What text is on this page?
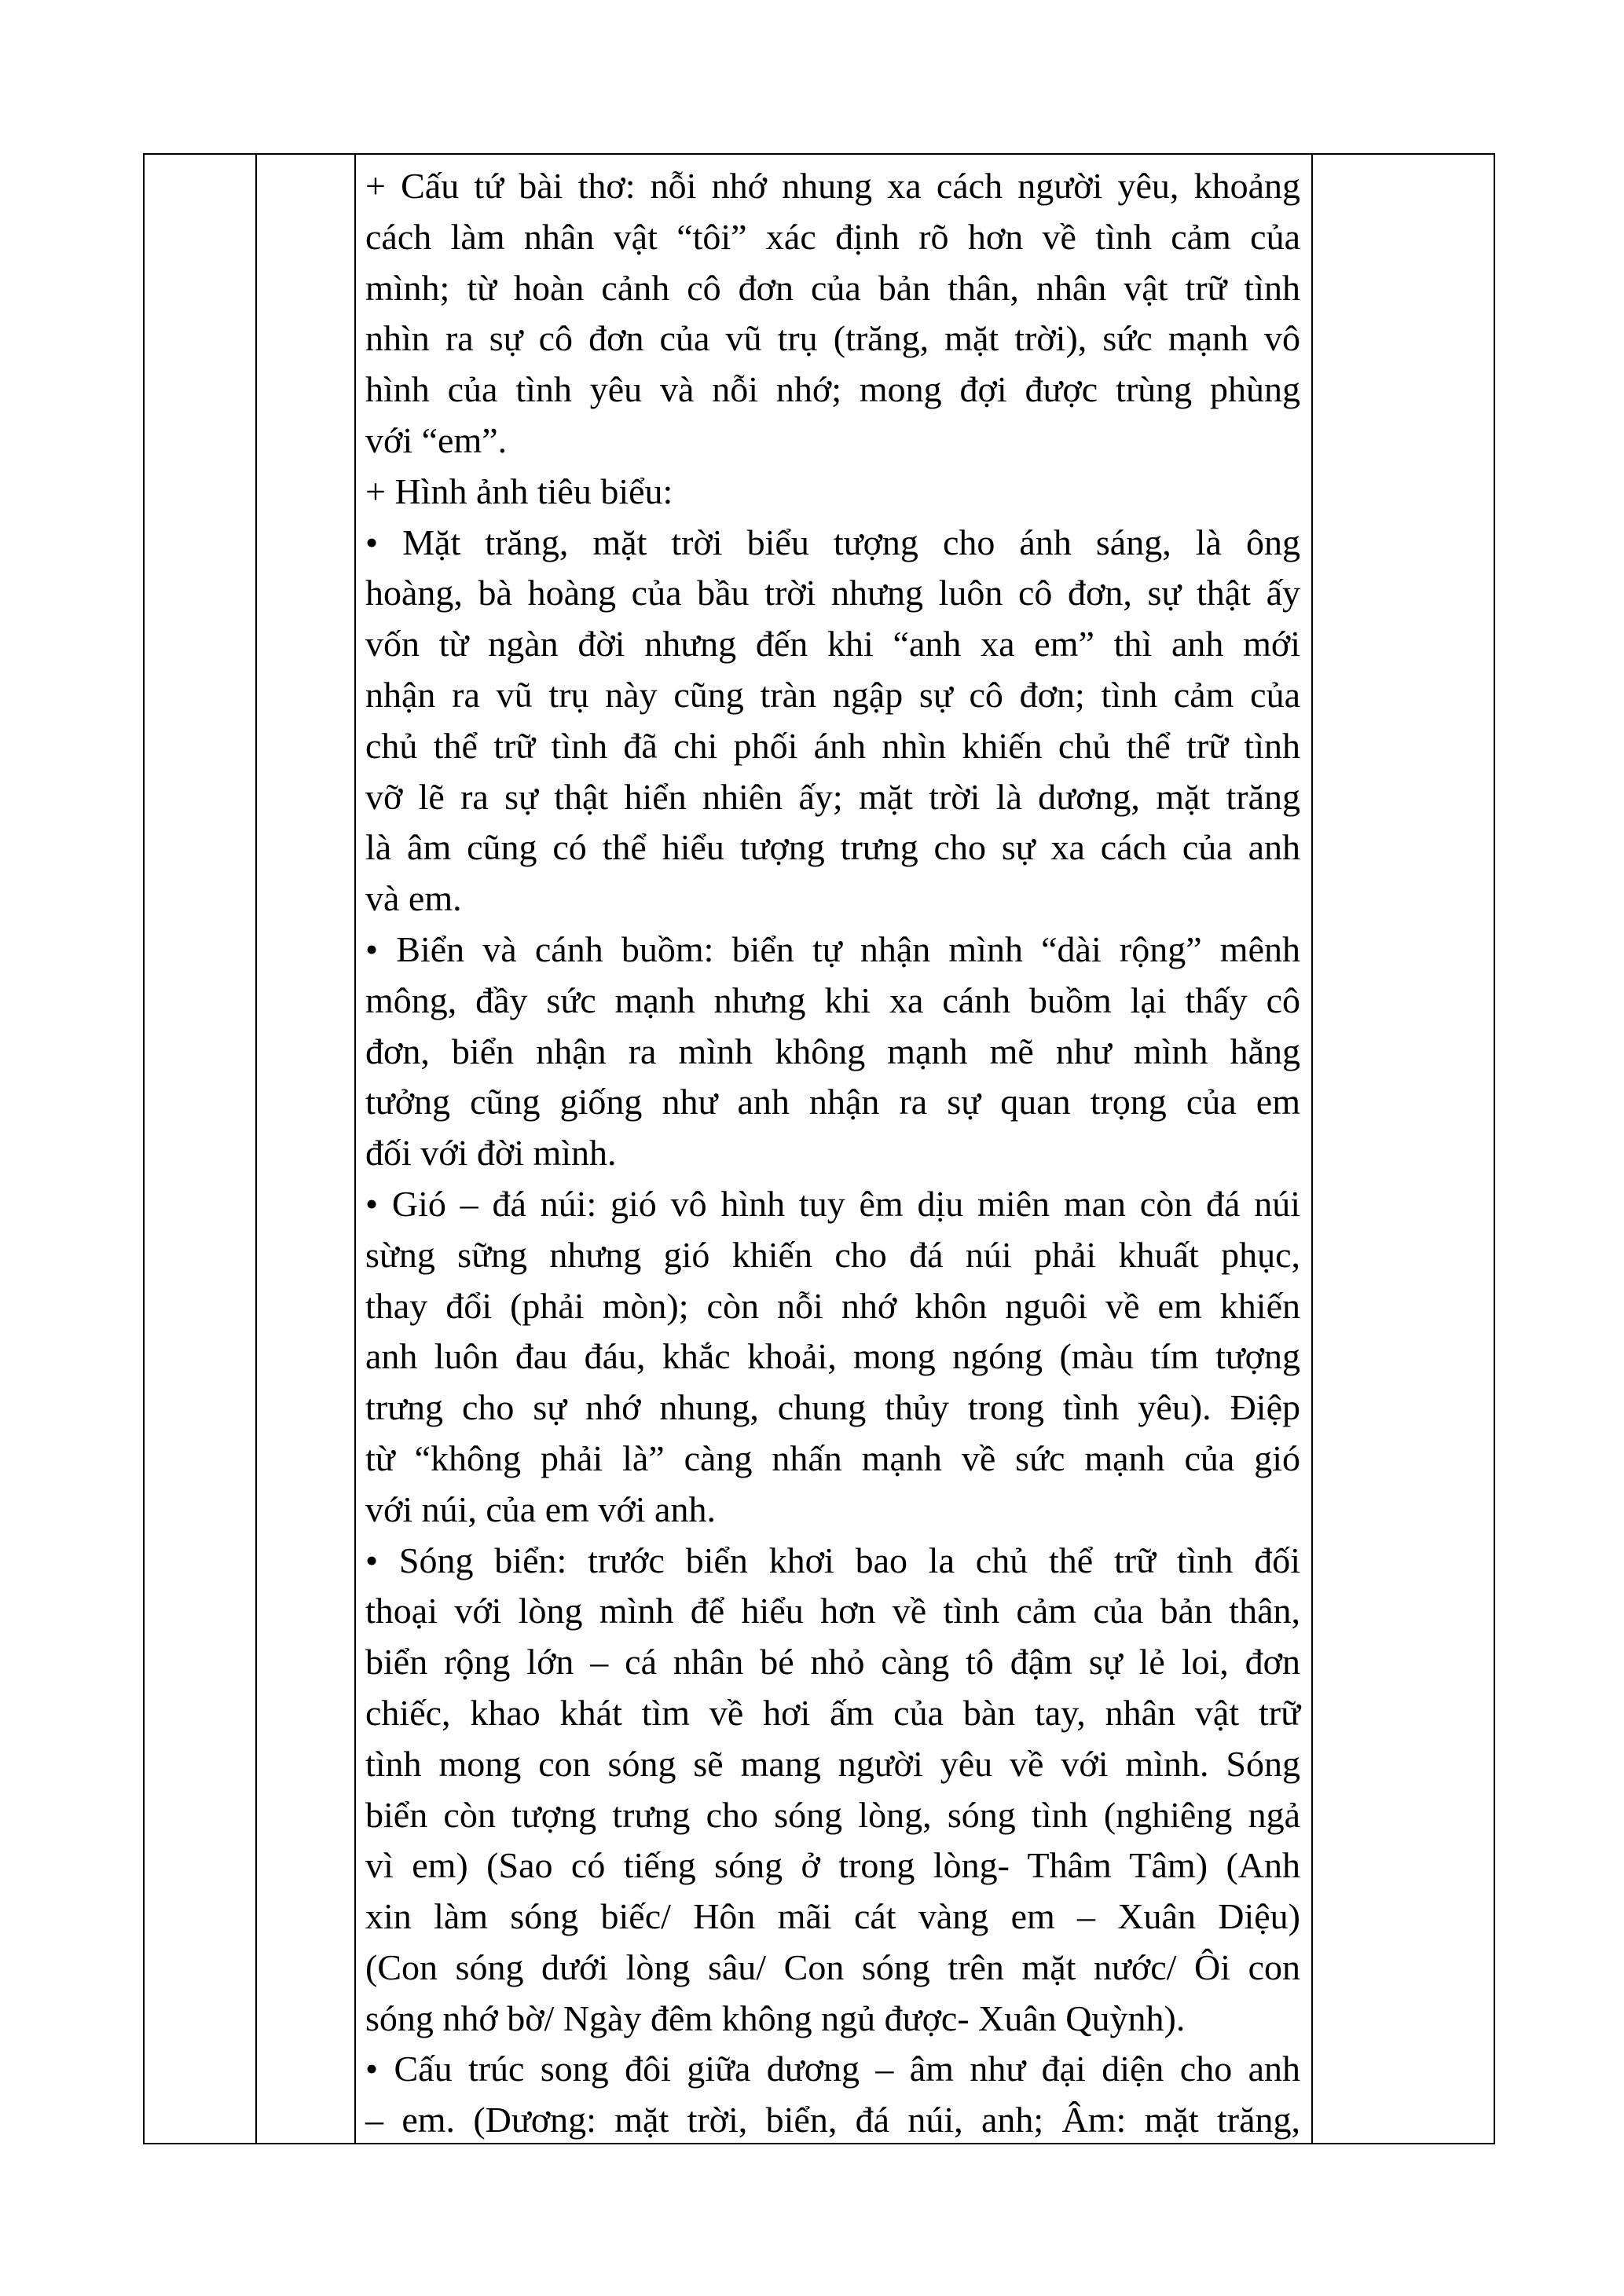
+ Cấu tứ bài thơ: nỗi nhớ nhung xa cách người yêu, khoảng
cách làm nhân vật “tôi” xác định rõ hơn về tình cảm của
mình; từ hoàn cảnh cô đơn của bản thân, nhân vật trữ tình
nhìn ra sự cô đơn của vũ trụ (trăng, mặt trời), sức mạnh vô
hình của tình yêu và nỗi nhớ; mong đợi được trùng phùng
với “em”.
+ Hình ảnh tiêu biểu:
• Mặt trăng, mặt trời biểu tượng cho ánh sáng, là ông
hoàng, bà hoàng của bầu trời nhưng luôn cô đơn, sự thật ấy
vốn từ ngàn đời nhưng đến khi “anh xa em” thì anh mới
nhận ra vũ trụ này cũng tràn ngập sự cô đơn; tình cảm của
chủ thể trữ tình đã chi phối ánh nhìn khiến chủ thể trữ tình
vỡ lẽ ra sự thật hiển nhiên ấy; mặt trời là dương, mặt trăng
là âm cũng có thể hiểu tượng trưng cho sự xa cách của anh
và em.
• Biển và cánh buồm: biển tự nhận mình “dài rộng” mênh
mông, đầy sức mạnh nhưng khi xa cánh buồm lại thấy cô
đơn, biển nhận ra mình không mạnh mẽ như mình hằng
tưởng cũng giống như anh nhận ra sự quan trọng của em
đối với đời mình.
• Gió – đá núi: gió vô hình tuy êm dịu miên man còn đá núi
sừng sững nhưng gió khiến cho đá núi phải khuất phục,
thay đổi (phải mòn); còn nỗi nhớ khôn nguôi về em khiến
anh luôn đau đáu, khắc khoải, mong ngóng (màu tím tượng
trưng cho sự nhớ nhung, chung thủy trong tình yêu). Điệp
từ “không phải là” càng nhấn mạnh về sức mạnh của gió
với núi, của em với anh.
• Sóng biển: trước biển khơi bao la chủ thể trữ tình đối
thoại với lòng mình để hiểu hơn về tình cảm của bản thân,
biển rộng lớn – cá nhân bé nhỏ càng tô đậm sự lẻ loi, đơn
chiếc, khao khát tìm về hơi ấm của bàn tay, nhân vật trữ
tình mong con sóng sẽ mang người yêu về với mình. Sóng
biển còn tượng trưng cho sóng lòng, sóng tình (nghiêng ngả
vì em) (Sao có tiếng sóng ở trong lòng- Thâm Tâm) (Anh
xin làm sóng biếc/ Hôn mãi cát vàng em – Xuân Diệu)
(Con sóng dưới lòng sâu/ Con sóng trên mặt nước/ Ôi con
sóng nhớ bờ/ Ngày đêm không ngủ được- Xuân Quỳnh).
• Cấu trúc song đôi giữa dương – âm như đại diện cho anh
– em. (Dương: mặt trời, biển, đá núi, anh; Âm: mặt trăng,
